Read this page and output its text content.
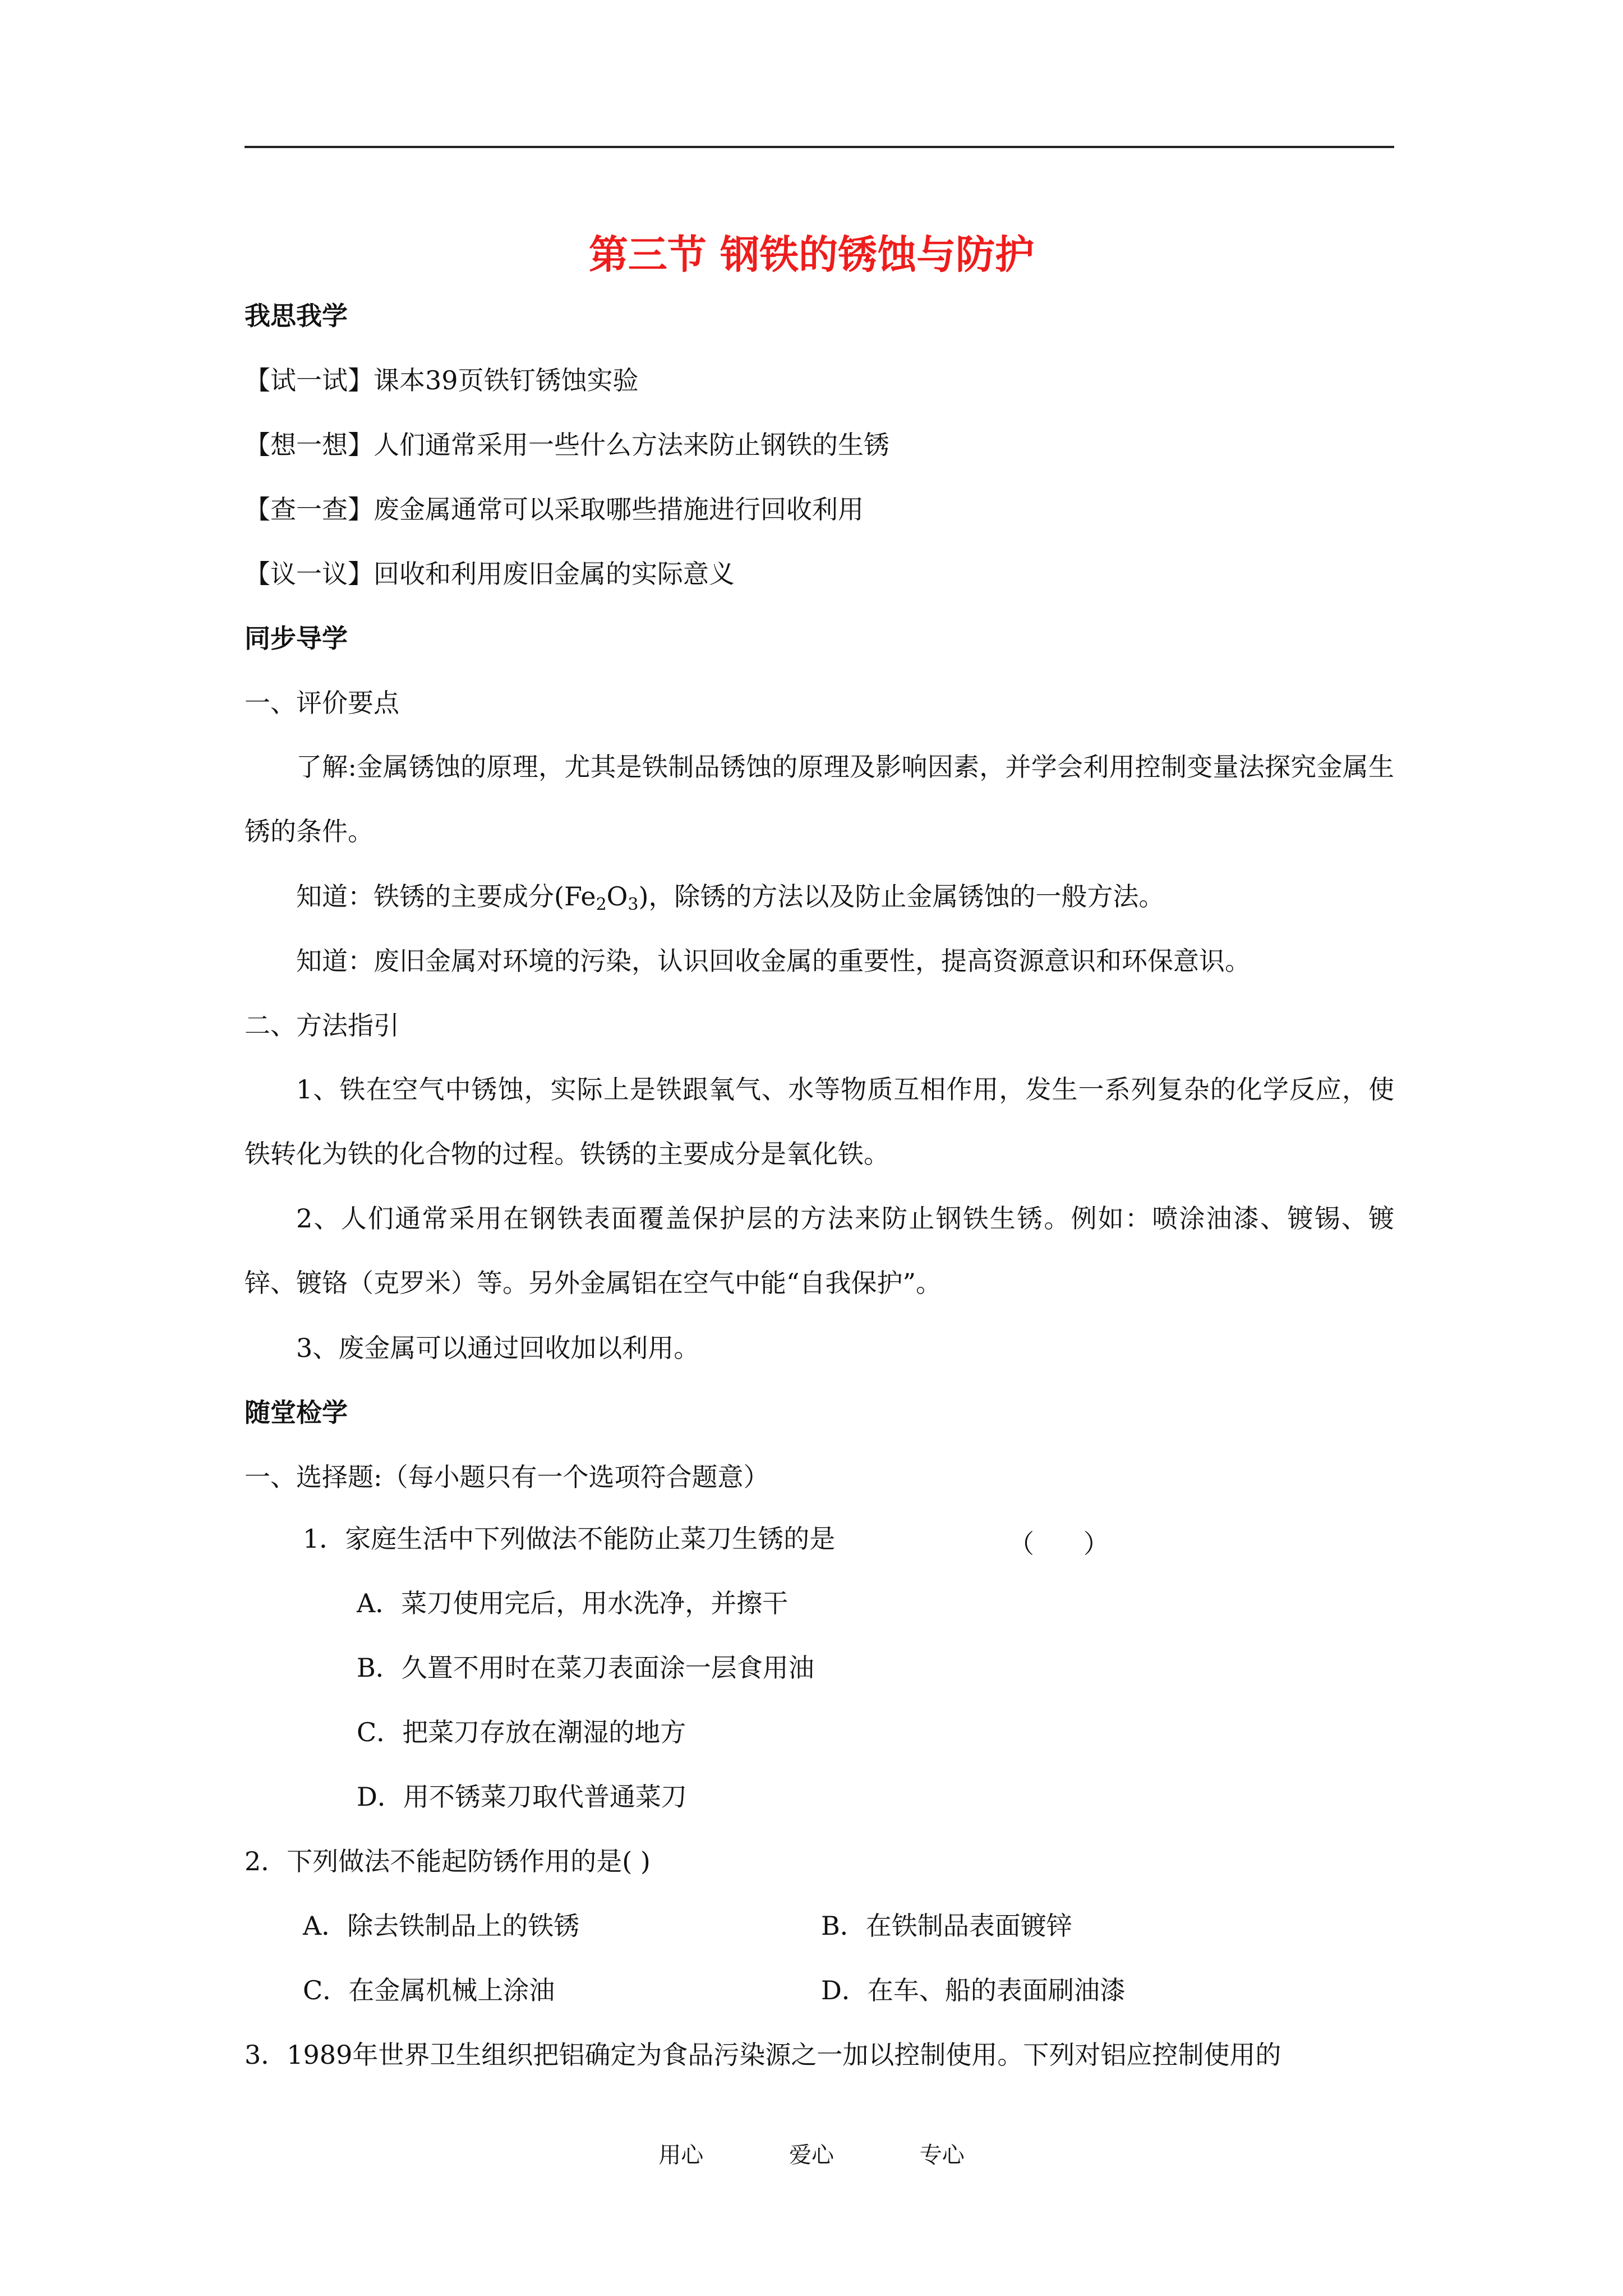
第三节 钢铁的锈蚀与防护
我思我学
【试一试】课本39页铁钉锈蚀实验
【想一想】人们通常采用一些什么方法来防止钢铁的生锈
【查一查】废金属通常可以采取哪些措施进行回收利用
【议一议】回收和利用废旧金属的实际意义
同步导学
一、评价要点
了解:金属锈蚀的原理，尤其是铁制品锈蚀的原理及影响因素，并学会利用控制变量法探究金属生锈的条件。
知道：铁锈的主要成分$(Fe_2O_3)$，除锈的方法以及防止金属锈蚀的一般方法。
知道：废旧金属对环境的污染，认识回收金属的重要性，提高资源意识和环保意识。
二、方法指引
1、铁在空气中锈蚀，实际上是铁跟氧气、水等物质互相作用，发生一系列复杂的化学反应，使铁转化为铁的化合物的过程。铁锈的主要成分是氧化铁。
2、人们通常采用在钢铁表面覆盖保护层的方法来防止钢铁生锈。例如：喷涂油漆、镀锡、镀锌、镀铬（克罗米）等。另外金属铝在空气中能“自我保护”。
3、废金属可以通过回收加以利用。
随堂检学
一、选择题:（每小题只有一个选项符合题意）
1．家庭生活中下列做法不能防止菜刀生锈的是	（      ）
A．菜刀使用完后，用水洗净，并擦干
B．久置不用时在菜刀表面涂一层食用油
C．把菜刀存放在潮湿的地方
D．用不锈菜刀取代普通菜刀
2．下列做法不能起防锈作用的是( )
A．除去铁制品上的铁锈	B．在铁制品表面镀锌
C．在金属机械上涂油	D．在车、船的表面刷油漆
3．1989年世界卫生组织把铝确定为食品污染源之一加以控制使用。下列对铝应控制使用的
用心	爱心	专心
